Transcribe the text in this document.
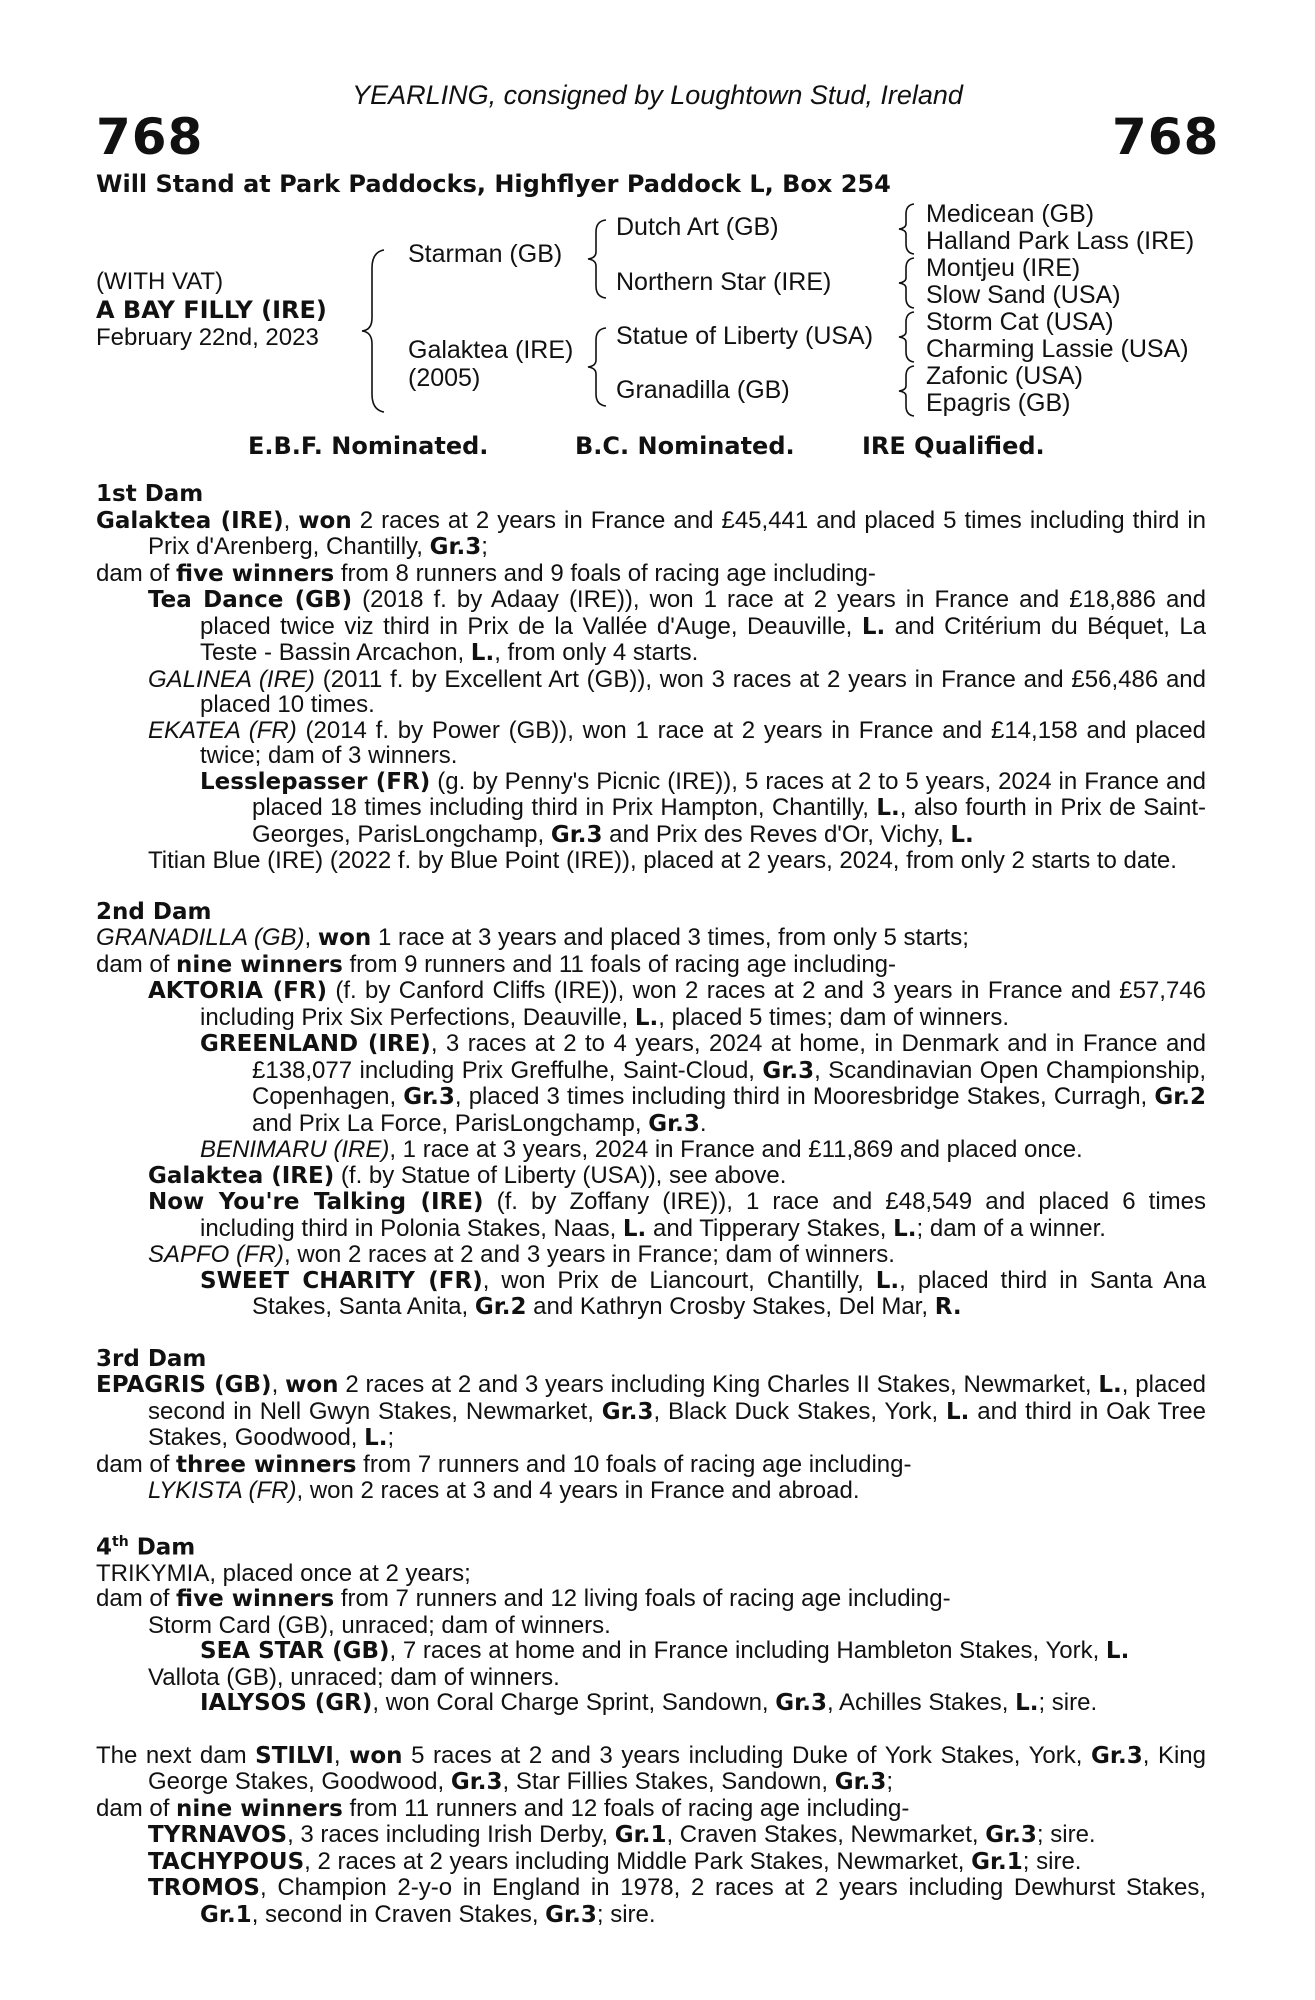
YEARLING, consigned by Loughtown Stud, Ireland
768	768
Will Stand at Park Paddocks, Highflyer Paddock L, Box 254
(WITH VAT)
A BAY FILLY (IRE)
February 22nd, 2023
Starman (GB)
Galaktea (IRE)
(2005)
Dutch Art (GB)
Northern Star (IRE)
Statue of Liberty (USA)
Granadilla (GB)
Medicean (GB)
Halland Park Lass (IRE)
Montjeu (IRE)
Slow Sand (USA)
Storm Cat (USA)
Charming Lassie (USA)
Zafonic (USA)
Epagris (GB)
E.B.F. Nominated.	B.C. Nominated.	IRE Qualified.

1st Dam

Galaktea (IRE), won 2 races at 2 years in France and £45,441 and placed 5 times including third in Prix d'Arenberg, Chantilly, Gr.3;

dam of five winners from 8 runners and 9 foals of racing age including-

Tea Dance (GB) (2018 f. by Adaay (IRE)), won 1 race at 2 years in France and £18,886 and placed twice viz third in Prix de la Vallée d'Auge, Deauville, L. and Critérium du Béquet, La Teste - Bassin Arcachon, L., from only 4 starts.

GALINEA (IRE) (2011 f. by Excellent Art (GB)), won 3 races at 2 years in France and £56,486 and placed 10 times.

EKATEA (FR) (2014 f. by Power (GB)), won 1 race at 2 years in France and £14,158 and placed twice; dam of 3 winners.

Lesslepasser (FR) (g. by Penny's Picnic (IRE)), 5 races at 2 to 5 years, 2024 in France and placed 18 times including third in Prix Hampton, Chantilly, L., also fourth in Prix de Saint-Georges, ParisLongchamp, Gr.3 and Prix des Reves d'Or, Vichy, L.

Titian Blue (IRE) (2022 f. by Blue Point (IRE)), placed at 2 years, 2024, from only 2 starts to date.

2nd Dam

GRANADILLA (GB), won 1 race at 3 years and placed 3 times, from only 5 starts;

dam of nine winners from 9 runners and 11 foals of racing age including-

AKTORIA (FR) (f. by Canford Cliffs (IRE)), won 2 races at 2 and 3 years in France and £57,746 including Prix Six Perfections, Deauville, L., placed 5 times; dam of winners.

GREENLAND (IRE), 3 races at 2 to 4 years, 2024 at home, in Denmark and in France and £138,077 including Prix Greffulhe, Saint-Cloud, Gr.3, Scandinavian Open Championship, Copenhagen, Gr.3, placed 3 times including third in Mooresbridge Stakes, Curragh, Gr.2 and Prix La Force, ParisLongchamp, Gr.3.

BENIMARU (IRE), 1 race at 3 years, 2024 in France and £11,869 and placed once.

Galaktea (IRE) (f. by Statue of Liberty (USA)), see above.

Now You're Talking (IRE) (f. by Zoffany (IRE)), 1 race and £48,549 and placed 6 times including third in Polonia Stakes, Naas, L. and Tipperary Stakes, L.; dam of a winner.

SAPFO (FR), won 2 races at 2 and 3 years in France; dam of winners.

SWEET CHARITY (FR), won Prix de Liancourt, Chantilly, L., placed third in Santa Ana Stakes, Santa Anita, Gr.2 and Kathryn Crosby Stakes, Del Mar, R.

3rd Dam

EPAGRIS (GB), won 2 races at 2 and 3 years including King Charles II Stakes, Newmarket, L., placed second in Nell Gwyn Stakes, Newmarket, Gr.3, Black Duck Stakes, York, L. and third in Oak Tree Stakes, Goodwood, L.;

dam of three winners from 7 runners and 10 foals of racing age including-

LYKISTA (FR), won 2 races at 3 and 4 years in France and abroad.

4th Dam

TRIKYMIA, placed once at 2 years;

dam of five winners from 7 runners and 12 living foals of racing age including-

Storm Card (GB), unraced; dam of winners.

SEA STAR (GB), 7 races at home and in France including Hambleton Stakes, York, L.

Vallota (GB), unraced; dam of winners.

IALYSOS (GR), won Coral Charge Sprint, Sandown, Gr.3, Achilles Stakes, L.; sire.

The next dam STILVI, won 5 races at 2 and 3 years including Duke of York Stakes, York, Gr.3, King George Stakes, Goodwood, Gr.3, Star Fillies Stakes, Sandown, Gr.3;

dam of nine winners from 11 runners and 12 foals of racing age including-

TYRNAVOS, 3 races including Irish Derby, Gr.1, Craven Stakes, Newmarket, Gr.3; sire.

TACHYPOUS, 2 races at 2 years including Middle Park Stakes, Newmarket, Gr.1; sire.

TROMOS, Champion 2-y-o in England in 1978, 2 races at 2 years including Dewhurst Stakes, Gr.1, second in Craven Stakes, Gr.3; sire.
